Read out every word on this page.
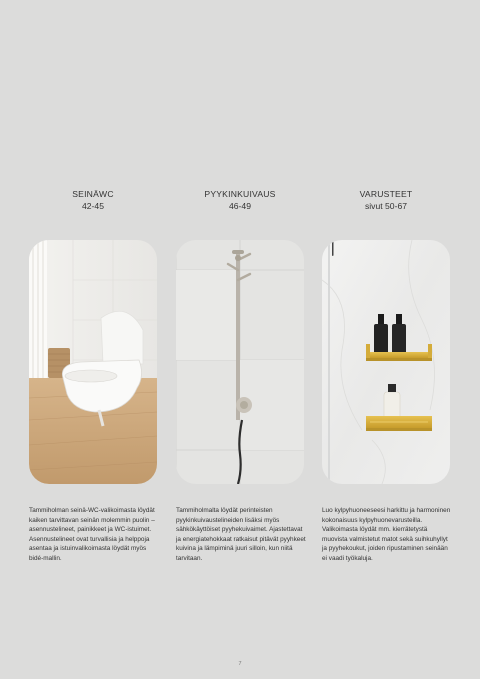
SEINÄWC
42-45
Tammiholman seinä-WC-valikoimasta löydät kaiken tarvittavan seinän molemmin puolin – asennustelineet, painikkeet ja WC-istuimet. Asennustelineet ovat turvallisia ja helppoja asentaa ja istuinvalikoimasta löydät myös bidé-mallin.
PYYKINKUIVAUS
46-49
Tammiholmalta löydät perinteisten pyykinkuivaustelineiden lisäksi myös sähkökäyttöiset pyyhekuivaimet. Ajastettavat ja energiatehokkaat ratkaisut pitävät pyyhkeet kuivina ja lämpiminä juuri silloin, kun niitä tarvitaan.
VARUSTEET
sivut 50-67
Luo kylpyhuoneeseesi harkittu ja harmoninen kokonaisuus kylpyhuonevarusteilla. Valikoimasta löydät mm. kierrätetystä muovista valmistetut matot sekä suihkuhyllyt ja pyyhekoukut, joiden ripustaminen seinään ei vaadi työkaluja.
7
